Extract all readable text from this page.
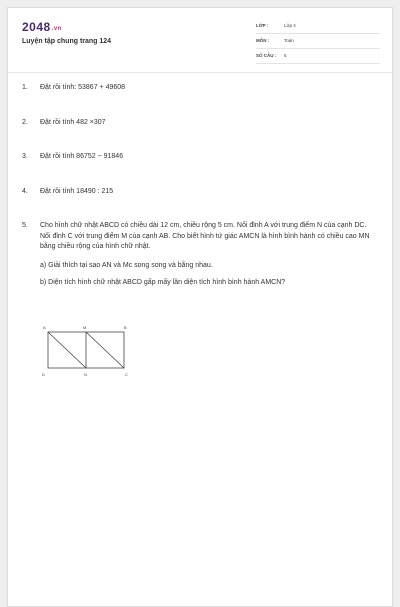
2048.vn
Luyện tập chung trang 124
LỚP :	Lớp 4
MÔN :	Toán
SỐ CÂU : 5
1.	Đặt rồi tính: 53867 + 49608
2.	Đặt rồi tính 482 ×307
3.	Đặt rồi tính 86752 − 91846
4.	Đặt rồi tính 18490 : 215
5.	Cho hình chữ nhật ABCD có chiều dài 12 cm, chiều rộng 5 cm. Nối đỉnh A với trung điểm N của cạnh DC. Nối đỉnh C với trung điểm M của cạnh AB. Cho biết hình tứ giác AMCN là hình bình hành có chiều cao MN bằng chiều rộng của hình chữ nhật.
a) Giải thích tại sao AN và Mc song song và bằng nhau.
b) Diện tích hình chữ nhật ABCD gấp mấy lần diện tích hình bình hành AMCN?
A	M	B
D	N	C
